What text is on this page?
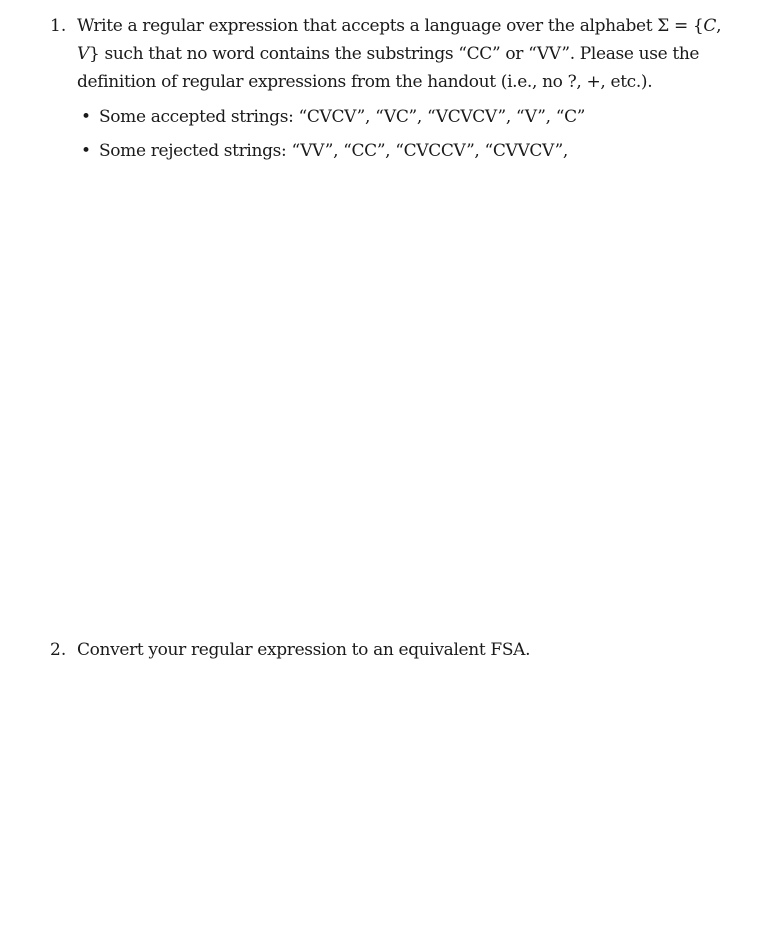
1. Write a regular expression that accepts a language over the alphabet Σ = {C, V} such that no word contains the substrings “CC” or “VV”. Please use the definition of regular expressions from the handout (i.e., no ?, +, etc.).
• Some accepted strings: “CVCV”, “VC”, “VCVCV”, “V”, “C”
• Some rejected strings: “VV”, “CC”, “CVCCV”, “CVVCV”,
2. Convert your regular expression to an equivalent FSA.
